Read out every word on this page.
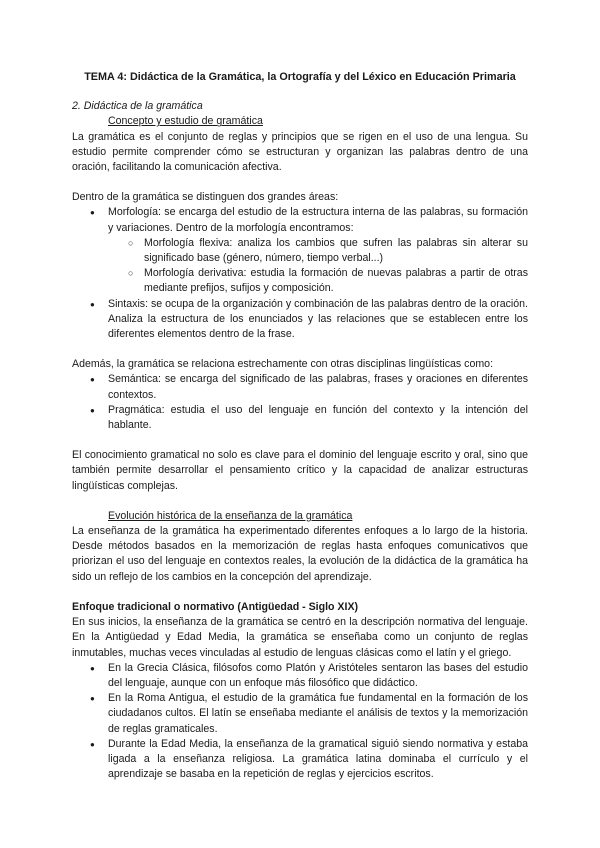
TEMA 4: Didáctica de la Gramática, la Ortografía y del Léxico en Educación Primaria
2. Didáctica de la gramática
Concepto y estudio de gramática

La gramática es el conjunto de reglas y principios que se rigen en el uso de una lengua. Su estudio permite comprender cómo se estructuran y organizan las palabras dentro de una oración, facilitando la comunicación afectiva.

Dentro de la gramática se distinguen dos grandes áreas:

● Morfología: se encarga del estudio de la estructura interna de las palabras, su formación y variaciones. Dentro de la morfología encontramos:
○ Morfología flexiva: analiza los cambios que sufren las palabras sin alterar su significado base (género, número, tiempo verbal...)
○ Morfología derivativa: estudia la formación de nuevas palabras a partir de otras mediante prefijos, sufijos y composición.
● Sintaxis: se ocupa de la organización y combinación de las palabras dentro de la oración. Analiza la estructura de los enunciados y las relaciones que se establecen entre los diferentes elementos dentro de la frase.

Además, la gramática se relaciona estrechamente con otras disciplinas lingüísticas como:

● Semántica: se encarga del significado de las palabras, frases y oraciones en diferentes contextos.
● Pragmática: estudia el uso del lenguaje en función del contexto y la intención del hablante.

El conocimiento gramatical no solo es clave para el dominio del lenguaje escrito y oral, sino que también permite desarrollar el pensamiento crítico y la capacidad de analizar estructuras lingüísticas complejas.

Evolución histórica de la enseñanza de la gramática

La enseñanza de la gramática ha experimentado diferentes enfoques a lo largo de la historia. Desde métodos basados en la memorización de reglas hasta enfoques comunicativos que priorizan el uso del lenguaje en contextos reales, la evolución de la didáctica de la gramática ha sido un reflejo de los cambios en la concepción del aprendizaje.

Enfoque tradicional o normativo (Antigüedad - Siglo XIX)

En sus inicios, la enseñanza de la gramática se centró en la descripción normativa del lenguaje. En la Antigüedad y Edad Media, la gramática se enseñaba como un conjunto de reglas inmutables, muchas veces vinculadas al estudio de lenguas clásicas como el latín y el griego.

● En la Grecia Clásica, filósofos como Platón y Aristóteles sentaron las bases del estudio del lenguaje, aunque con un enfoque más filosófico que didáctico.
● En la Roma Antigua, el estudio de la gramática fue fundamental en la formación de los ciudadanos cultos. El latín se enseñaba mediante el análisis de textos y la memorización de reglas gramaticales.
● Durante la Edad Media, la enseñanza de la gramatical siguió siendo normativa y estaba ligada a la enseñanza religiosa. La gramática latina dominaba el currículo y el aprendizaje se basaba en la repetición de reglas y ejercicios escritos.
